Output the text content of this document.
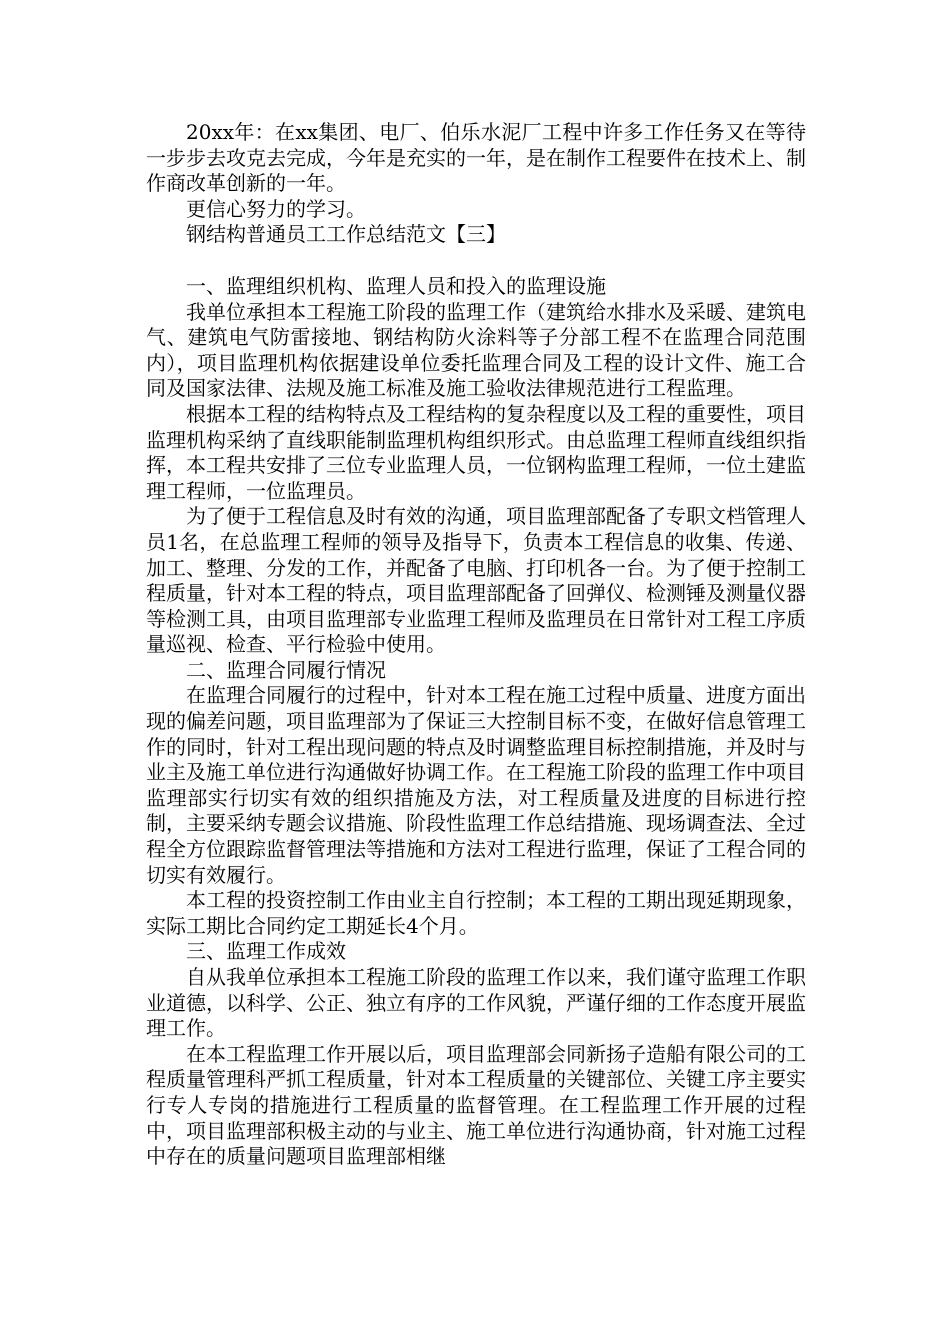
20xx年：在xx集团、电厂、伯乐水泥厂工程中许多工作任务又在等待一步步去攻克去完成，今年是充实的一年，是在制作工程要件在技术上、制作商改革创新的一年。

更信心努力的学习。

钢结构普通员工工作总结范文【三】

一、监理组织机构、监理人员和投入的监理设施

我单位承担本工程施工阶段的监理工作（建筑给水排水及采暖、建筑电气、建筑电气防雷接地、钢结构防火涂料等子分部工程不在监理合同范围内），项目监理机构依据建设单位委托监理合同及工程的设计文件、施工合同及国家法律、法规及施工标准及施工验收法律规范进行工程监理。

根据本工程的结构特点及工程结构的复杂程度以及工程的重要性，项目监理机构采纳了直线职能制监理机构组织形式。由总监理工程师直线组织指挥，本工程共安排了三位专业监理人员，一位钢构监理工程师，一位土建监理工程师，一位监理员。

为了便于工程信息及时有效的沟通，项目监理部配备了专职文档管理人员1名，在总监理工程师的领导及指导下，负责本工程信息的收集、传递、加工、整理、分发的工作，并配备了电脑、打印机各一台。为了便于控制工程质量，针对本工程的特点，项目监理部配备了回弹仪、检测锤及测量仪器等检测工具，由项目监理部专业监理工程师及监理员在日常针对工程工序质量巡视、检查、平行检验中使用。

二、监理合同履行情况

在监理合同履行的过程中，针对本工程在施工过程中质量、进度方面出现的偏差问题，项目监理部为了保证三大控制目标不变，在做好信息管理工作的同时，针对工程出现问题的特点及时调整监理目标控制措施，并及时与业主及施工单位进行沟通做好协调工作。在工程施工阶段的监理工作中项目监理部实行切实有效的组织措施及方法，对工程质量及进度的目标进行控制，主要采纳专题会议措施、阶段性监理工作总结措施、现场调查法、全过程全方位跟踪监督管理法等措施和方法对工程进行监理，保证了工程合同的切实有效履行。

本工程的投资控制工作由业主自行控制；本工程的工期出现延期现象，实际工期比合同约定工期延长4个月。

三、监理工作成效

自从我单位承担本工程施工阶段的监理工作以来，我们谨守监理工作职业道德，以科学、公正、独立有序的工作风貌，严谨仔细的工作态度开展监理工作。

在本工程监理工作开展以后，项目监理部会同新扬子造船有限公司的工程质量管理科严抓工程质量，针对本工程质量的关键部位、关键工序主要实行专人专岗的措施进行工程质量的监督管理。在工程监理工作开展的过程中，项目监理部积极主动的与业主、施工单位进行沟通协商，针对施工过程中存在的质量问题项目监理部相继
